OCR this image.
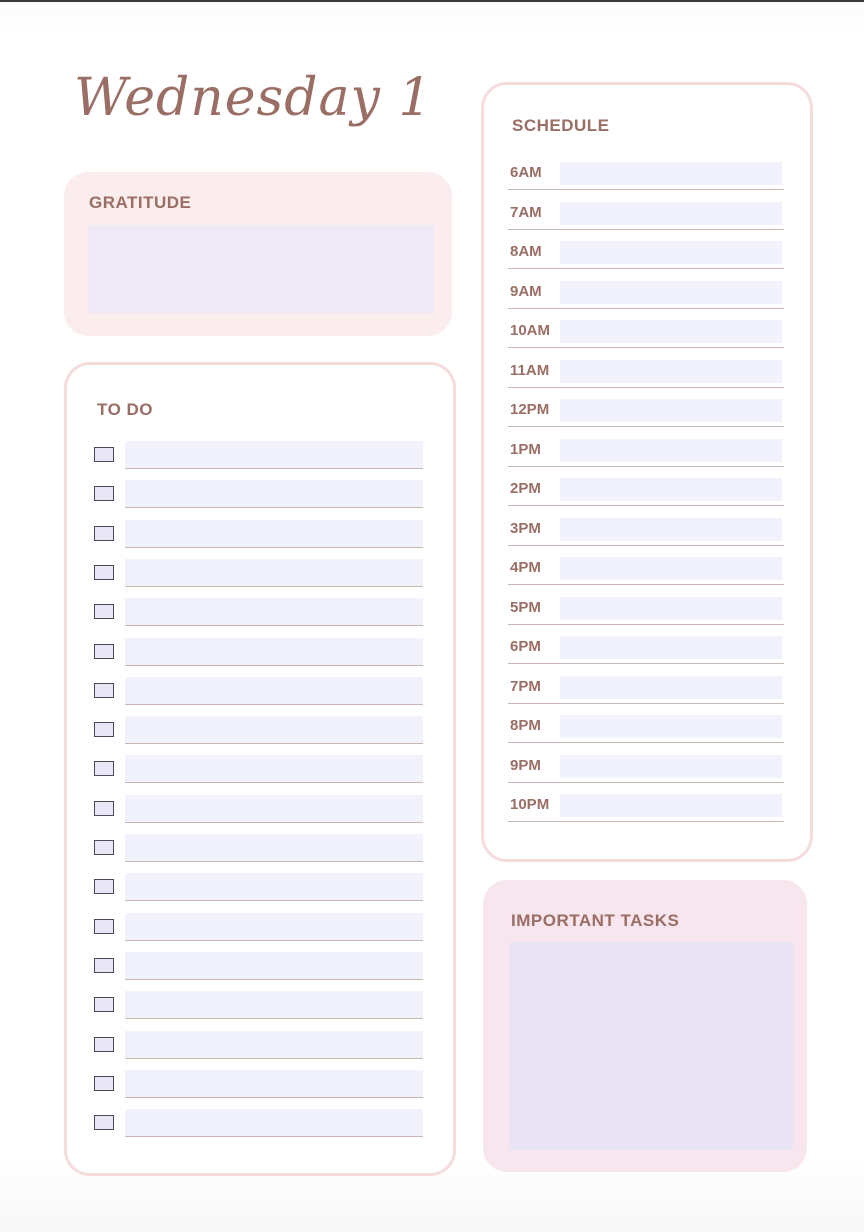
Wednesday 1
GRATITUDE
TO DO
SCHEDULE
6AM
7AM
8AM
9AM
10AM
11AM
12PM
1PM
2PM
3PM
4PM
5PM
6PM
7PM
8PM
9PM
10PM
IMPORTANT TASKS
